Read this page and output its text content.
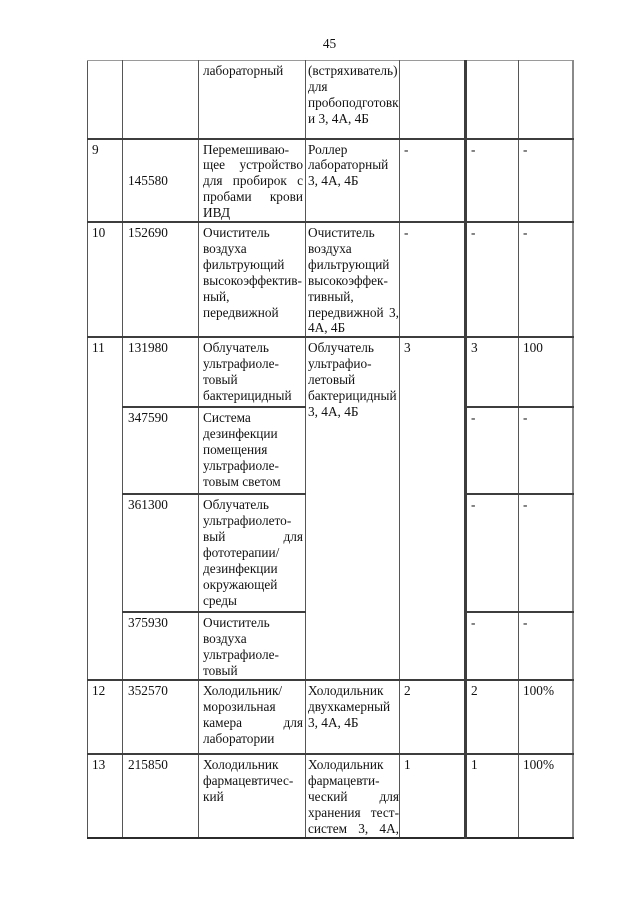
45
		лабораторный	(встряхиватель) для пробоподготовки 3, 4А, 4Б			
9	145580	Перемешивающее устройство для пробирок с пробами крови ИВД	Роллер лабораторный 3, 4А, 4Б	-	-	-
10	152690	Очиститель воздуха фильтрующий высокоэффективный, передвижной	Очиститель воздуха фильтрующий высокоэффективный, передвижной 3, 4А, 4Б	-	-	-
11	131980	Облучатель ультрафиолетовый бактерицидный	Облучатель ультрафиолетовый бактерицидный 3, 4А, 4Б	3	3	100
	347590	Система дезинфекции помещения ультрафиолетовым светом			-	-
	361300	Облучатель ультрафиолетовый для фототерапии/дезинфекции окружающей среды			-	-
	375930	Очиститель воздуха ультрафиолетовый			-	-
12	352570	Холодильник/морозильная камера для лаборатории	Холодильник двухкамерный 3, 4А, 4Б	2	2	100%
13	215850	Холодильник фармацевтический	Холодильник фармацевтический для хранения тест-систем 3, 4А,	1	1	100%
